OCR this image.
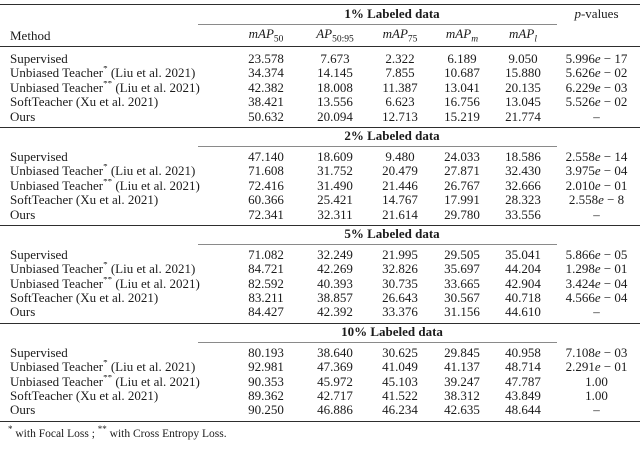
1% Labeled data	p-values
Method	mAP$_{50}$	$AP_{50:95}$	mAP$_{75}$	mAP$_m$	mAP$_l$
Supervised	23.578	7.673	2.322	6.189	9.050	5.996e − 17
Unbiased Teacher* (Liu et al. 2021)	34.374	14.145	7.855	10.687	15.880	5.626e − 02
Unbiased Teacher** (Liu et al. 2021)	42.382	18.008	11.387	13.041	20.135	6.229e − 03
SoftTeacher (Xu et al. 2021)	38.421	13.556	6.623	16.756	13.045	5.526e − 02
Ours	50.632	20.094	12.713	15.219	21.774	–
2% Labeled data
Supervised	47.140	18.609	9.480	24.033	18.586	2.558e − 14
Unbiased Teacher* (Liu et al. 2021)	71.608	31.752	20.479	27.871	32.430	3.975e − 04
Unbiased Teacher** (Liu et al. 2021)	72.416	31.490	21.446	26.767	32.666	2.010e − 01
SoftTeacher (Xu et al. 2021)	60.366	25.421	14.767	17.991	28.323	2.558e − 8
Ours	72.341	32.311	21.614	29.780	33.556	–
5% Labeled data
Supervised	71.082	32.249	21.995	29.505	35.041	5.866e − 05
Unbiased Teacher* (Liu et al. 2021)	84.721	42.269	32.826	35.697	44.204	1.298e − 01
Unbiased Teacher** (Liu et al. 2021)	82.592	40.393	30.735	33.665	42.904	3.424e − 04
SoftTeacher (Xu et al. 2021)	83.211	38.857	26.643	30.567	40.718	4.566e − 04
Ours	84.427	42.392	33.376	31.156	44.610	–
10% Labeled data
Supervised	80.193	38.640	30.625	29.845	40.958	7.108e − 03
Unbiased Teacher* (Liu et al. 2021)	92.981	47.369	41.049	41.137	48.714	2.291e − 01
Unbiased Teacher** (Liu et al. 2021)	90.353	45.972	45.103	39.247	47.787	1.00
SoftTeacher (Xu et al. 2021)	89.362	42.717	41.522	38.312	43.849	1.00
Ours	90.250	46.886	46.234	42.635	48.644	–
* with Focal Loss ; ** with Cross Entropy Loss.
